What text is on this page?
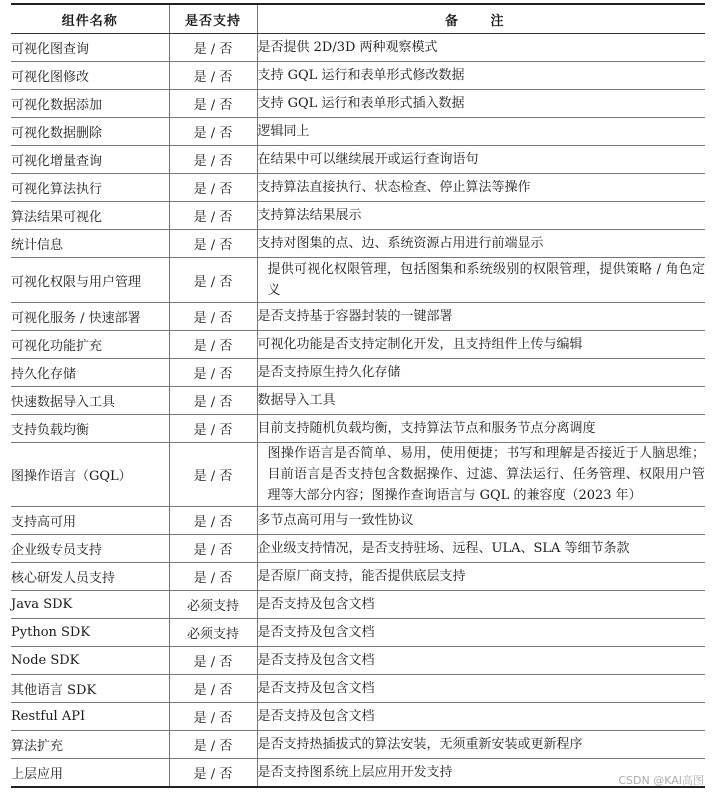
组件名称	是否支持	备 注
可视化图查询	是 / 否	是否提供 2D/3D 两种观察模式
可视化图修改	是 / 否	支持 GQL 运行和表单形式修改数据
可视化数据添加	是 / 否	支持 GQL 运行和表单形式插入数据
可视化数据删除	是 / 否	逻辑同上
可视化增量查询	是 / 否	在结果中可以继续展开或运行查询语句
可视化算法执行	是 / 否	支持算法直接执行、状态检查、停止算法等操作
算法结果可视化	是 / 否	支持算法结果展示
统计信息	是 / 否	支持对图集的点、边、系统资源占用进行前端显示
可视化权限与用户管理	是 / 否	提供可视化权限管理，包括图集和系统级别的权限管理，提供策略 / 角色定义
可视化服务 / 快速部署	是 / 否	是否支持基于容器封装的一键部署
可视化功能扩充	是 / 否	可视化功能是否支持定制化开发，且支持组件上传与编辑
持久化存储	是 / 否	是否支持原生持久化存储
快速数据导入工具	是 / 否	数据导入工具
支持负载均衡	是 / 否	目前支持随机负载均衡，支持算法节点和服务节点分离调度
图操作语言（GQL）	是 / 否	图操作语言是否简单、易用，使用便捷；书写和理解是否接近于人脑思维；目前语言是否支持包含数据操作、过滤、算法运行、任务管理、权限用户管理等大部分内容；图操作查询语言与 GQL 的兼容度（2023 年）
支持高可用	是 / 否	多节点高可用与一致性协议
企业级专员支持	是 / 否	企业级支持情况，是否支持驻场、远程、ULA、SLA 等细节条款
核心研发人员支持	是 / 否	是否原厂商支持，能否提供底层支持
Java SDK	必须支持	是否支持及包含文档
Python SDK	必须支持	是否支持及包含文档
Node SDK	是 / 否	是否支持及包含文档
其他语言 SDK	是 / 否	是否支持及包含文档
Restful API	是 / 否	是否支持及包含文档
算法扩充	是 / 否	是否支持热插拔式的算法安装，无须重新安装或更新程序
上层应用	是 / 否	是否支持图系统上层应用开发支持
CSDN @KAI高图
